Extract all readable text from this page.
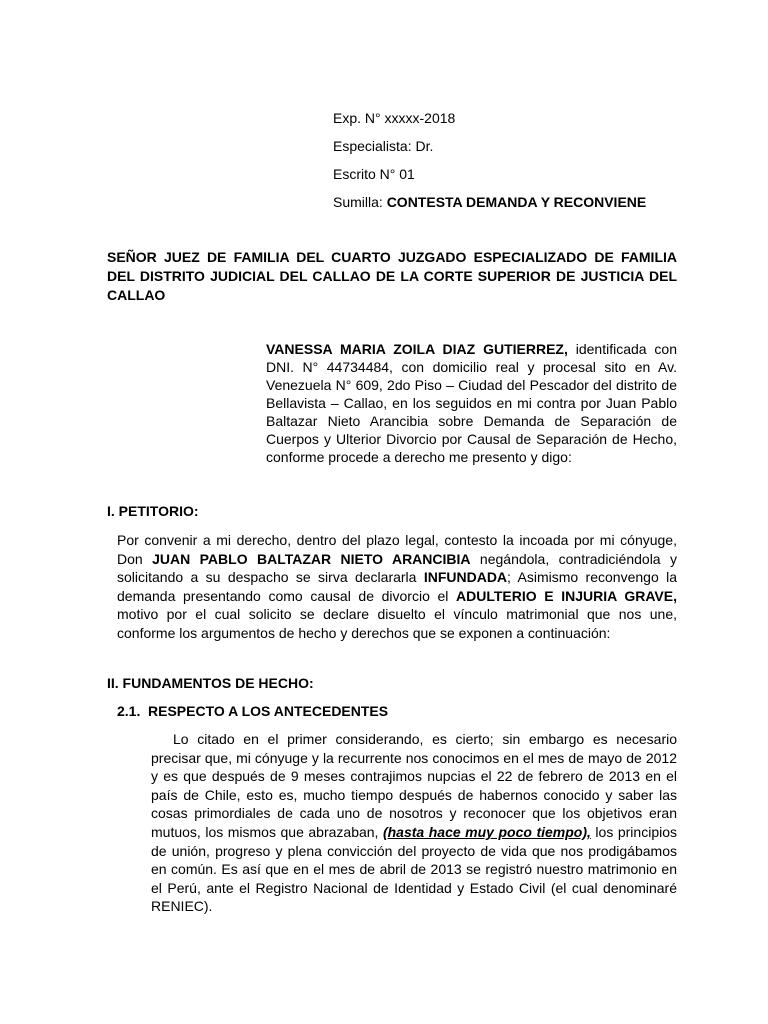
Exp. N° xxxxx-2018
Especialista: Dr.
Escrito N° 01
Sumilla: CONTESTA DEMANDA Y RECONVIENE
SEÑOR JUEZ DE FAMILIA DEL CUARTO JUZGADO ESPECIALIZADO DE FAMILIA DEL DISTRITO JUDICIAL DEL CALLAO DE LA CORTE SUPERIOR DE JUSTICIA DEL CALLAO
VANESSA MARIA ZOILA DIAZ GUTIERREZ, identificada con DNI. N° 44734484, con domicilio real y procesal sito en Av. Venezuela N° 609, 2do Piso – Ciudad del Pescador del distrito de Bellavista – Callao, en los seguidos en mi contra por Juan Pablo Baltazar Nieto Arancibia sobre Demanda de Separación de Cuerpos y Ulterior Divorcio por Causal de Separación de Hecho, conforme procede a derecho me presento y digo:
I. PETITORIO:
Por convenir a mi derecho, dentro del plazo legal, contesto la incoada por mi cónyuge, Don JUAN PABLO BALTAZAR NIETO ARANCIBIA negándola, contradiciéndola y solicitando a su despacho se sirva declararla INFUNDADA; Asimismo reconvengo la demanda presentando como causal de divorcio el ADULTERIO E INJURIA GRAVE, motivo por el cual solicito se declare disuelto el vínculo matrimonial que nos une, conforme los argumentos de hecho y derechos que se exponen a continuación:
II. FUNDAMENTOS DE HECHO:
2.1. RESPECTO A LOS ANTECEDENTES
Lo citado en el primer considerando, es cierto; sin embargo es necesario precisar que, mi cónyuge y la recurrente nos conocimos en el mes de mayo de 2012 y es que después de 9 meses contrajimos nupcias el 22 de febrero de 2013 en el país de Chile, esto es, mucho tiempo después de habernos conocido y saber las cosas primordiales de cada uno de nosotros y reconocer que los objetivos eran mutuos, los mismos que abrazaban, (hasta hace muy poco tiempo), los principios de unión, progreso y plena convicción del proyecto de vida que nos prodigábamos en común. Es así que en el mes de abril de 2013 se registró nuestro matrimonio en el Perú, ante el Registro Nacional de Identidad y Estado Civil (el cual denominaré RENIEC).
